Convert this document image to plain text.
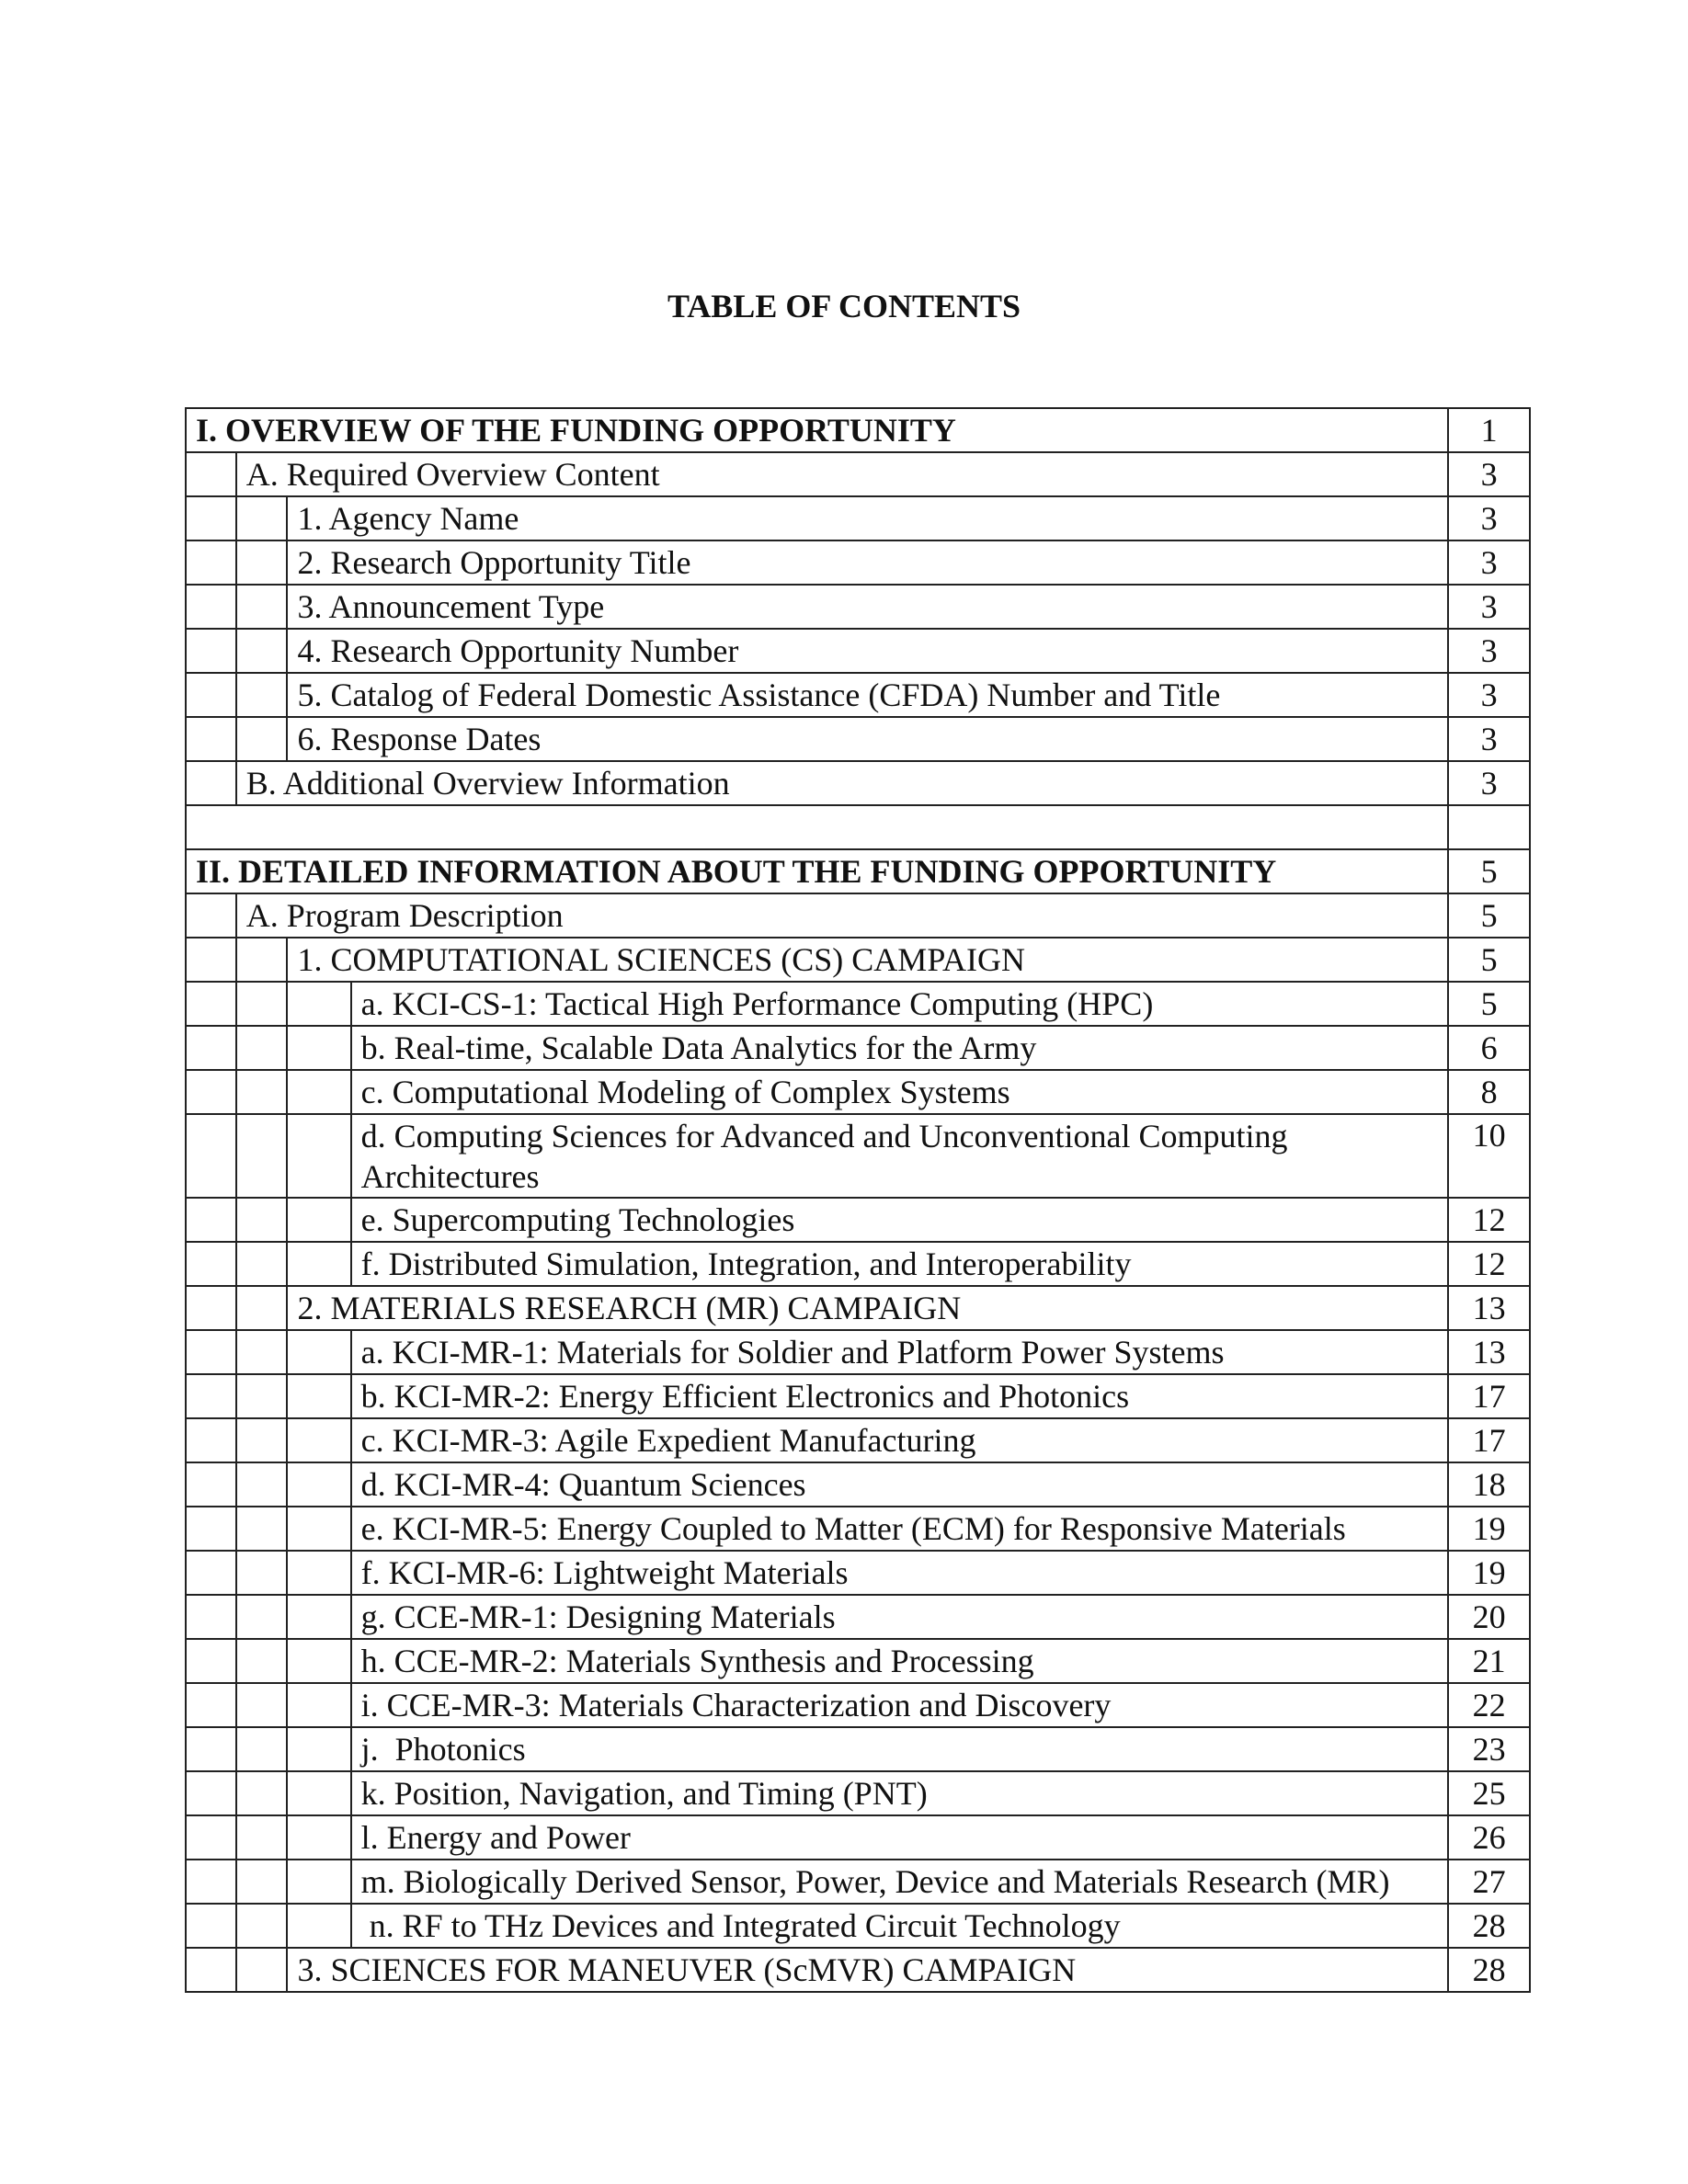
TABLE OF CONTENTS
I. OVERVIEW OF THE FUNDING OPPORTUNITY				1
	A. Required Overview Content			3
		1. Agency Name		3
		2. Research Opportunity Title		3
		3. Announcement Type		3
		4. Research Opportunity Number		3
		5. Catalog of Federal Domestic Assistance (CFDA) Number and Title		3
		6. Response Dates		3
	B. Additional Overview Information			3

II. DETAILED INFORMATION ABOUT THE FUNDING OPPORTUNITY				5
	A. Program Description			5
		1. COMPUTATIONAL SCIENCES (CS) CAMPAIGN		5
			a. KCI-CS-1: Tactical High Performance Computing (HPC)	5
			b. Real-time, Scalable Data Analytics for the Army	6
			c. Computational Modeling of Complex Systems	8
			d. Computing Sciences for Advanced and Unconventional Computing Architectures	10
			e. Supercomputing Technologies	12
			f. Distributed Simulation, Integration, and Interoperability	12
		2. MATERIALS RESEARCH (MR) CAMPAIGN		13
			a. KCI-MR-1: Materials for Soldier and Platform Power Systems	13
			b. KCI-MR-2: Energy Efficient Electronics and Photonics	17
			c. KCI-MR-3: Agile Expedient Manufacturing	17
			d. KCI-MR-4: Quantum Sciences	18
			e. KCI-MR-5: Energy Coupled to Matter (ECM) for Responsive Materials	19
			f. KCI-MR-6: Lightweight Materials	19
			g. CCE-MR-1: Designing Materials	20
			h. CCE-MR-2: Materials Synthesis and Processing	21
			i. CCE-MR-3: Materials Characterization and Discovery	22
			j.  Photonics	23
			k. Position, Navigation, and Timing (PNT)	25
			l. Energy and Power	26
			m. Biologically Derived Sensor, Power, Device and Materials Research (MR)	27
			n. RF to THz Devices and Integrated Circuit Technology	28
		3. SCIENCES FOR MANEUVER (ScMVR) CAMPAIGN		28
